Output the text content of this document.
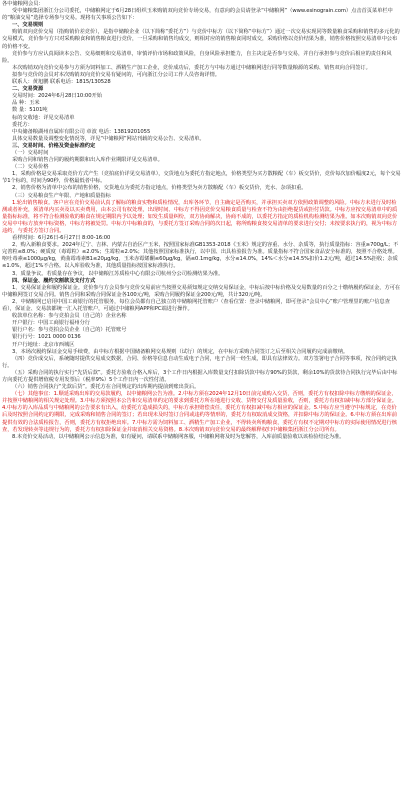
各中储粮网会员：

受中储粮集团浙江分公司委托，中储粮网定于6月28日组织玉米购销双向竞价专场交易，有意向的会员请登录“中储粮网”（www.esinograin.com）点击首页菜单栏中的“粮油交易”选择专场参与交易。现将有关事项公告如下：

一、交易规则

购销双向竞价交易（指购销价差竞价），是指中储粮企业（以下简称“委托方”）与竞价中标方（以下简称“中标方”）通过一次交易实现同等数量粮食采购和销售的多元化的交易模式，竞价参与方只对采购粮食和销售粮食进行竞价，一旦采购和销售均成交，则相对应的销售粮食同时成交，采购价格以竞价结果为准，销售价格按照交易清单中公布的价格不变。

竞价参与方应认真阅读本公告、交易细则和交易清单，审慎评价市场和政策风险，自身风险承担能力，自主决定是否参与交易，并自行承担参与竞价后相应的责任和风险。

本次购销双向竞价交易参与方须为饲料加工、酒精生产加工企业，竞价成功后，委托方与中标方通过中储粮网进行同等数量粮源的采购、销售双向合同签订。

拟参与竞价的会员对本次购销双向竞价交易有疑问的，可向浙江分公司工作人员咨询详情。

联系人：黄旭鹏 联系电话：1815/130528

二、交易资源

交易时间：2024年6月28日10:00开始

品 种：玉米

数 量：5101吨

标的交收地：详见交易清单

委托方：

中央储备粮湖州直属库有限公司 章波 电话：13819201055

具体交易数量及调整变化情况等，详见“中储粮网”网站刊载的交易公告、交易清单。

三、交易时间、价格及资金标准约定

（一）交易时间

采购合同和销售合同的履约期限和出入库作业期限详见交易清单。

（二）交易价格

1、采购价格是交易采取竞价方式产生（竞拍底价详见交易清单），交货地点为委托方指定地点，价格类型为买方散粮配（车）板交货价，竞价每次加价幅度2元，每个交易节1个标的，时间为90秒，价格最低者中标。

2、销售价格为清单中公布的销售价格，交货地点为委托方指定地点，价格类型为卖方散粮配（车）板交货价，光水、杂项扣重。

（三）交易粮食生产年限、产地和质量指标

1.轮出销售粮食。客户应在竞价交易前认真了解标的粮食实物和质检情况，出库各环节，自主确定是否购买，并承担买卖双方依照政策调整的风险。中标方未进行及时检测或者补充，须清单内买卖及以买卖费用，由本公司有权处理，出现时间、中标方不得因竞价交易粮食质量与检查不符为由拒绝提货或拒付货款。中标方应按交易清单中的质量指标标准，将不符合检测验收的粮食在规定期限内予以处理；如发生质量纠纷，双方协商解决，协商不成的，以委托方指定的质检机构检测结果为准。如本次购销双向竞价交易中中标方放弃中标资格，中标方将被处罚。中标方中标粮食的，与委托方签订采购合同的次日起，将所购粮食按交易清单的要求进行交付；未按要求执行的，视为中标方违约，与委托方签订合同。

看样时间：6月26日-6月27日 8:00-16:00

2、购入新粮食要求。2024年辽宁、吉林、内蒙古自治区产玉米，按照国家标准GB1353-2018《玉米》规定的容重、水分、杂质等，执行质量指标：容重≥700g/L；不完善粒≤8.0%；硬质度（毒霉粒）≤2.0%；生霉粒≤2.0%；其他按照国家标准执行，以中国、出具检验报告为准。质量指标不符合国家食品安全标准的，按照不合格处理。呕吐毒素≤1000μg/kg，黄曲霉毒素B1≤20μg/kg，玉米赤霉烯酮≤60μg/kg，镉≤0.1mg/kg，水分≤14.0%，14%＜水分≤14.5%扣价1.2元/吨，超过14.5%拒收；杂质≤1.0%，超过1%不合格。以入库验收为准，其他质量指标按国家标准执行。

3、质量争议。若质量存在争议，以中储粮江苏质检中心有限公司杭州分公司检测结果为准。

四、保证金、履约交割款及支付方式

1、交易保证金和履约保证金。竞价参与方会员参与竞价交易前应当按照交易须知规定交纳交易保证金，中标后按中标价格及交易数量的百分之十缴纳履约保证金，方可在中储粮网签订交易合同。销售合同和采购合同保证金各100元/吨，采购合同履约保证金200元/吨，共计320元/吨。

2、中储粮网已启用中国工商银行的托管服务，每位会员都有自己独立的中储粮网托管账户（查看位置：登录中储粮网，即可登录“会员中心”账户管理里的账户信息查看），保证金、交易款都统一汇入托管账户，可通过中储粮网APP和PC端进行操作。

收款单位名称：参与竞拍会员（自己的）企业名称

开户银行：中国工商银行福州分行

银行户名：参与竞拍会员企业（自己的）托管账号

银行行号：1021 0000 0136

开户行地址：北京市西城区

3、本场次履约保证金交易手续费，由中标方根据中国储备粮网交易规则（试行）的规定，在中标方采购合同签订之后至相关合同履约完成前缴纳。

（四）竞价成交后，系统随时提供交易成交数据，合同、价格等信息自动生成电子合同，电子合同一经生成，即具有法律效力。双方签署电子合同等事项，按合同约定执行。

（五）采购合同的执行实行“先货后款”。委托方验收合格入库后，3个工作日内根据入库数量支付扣除货款中标方90%的货款，剩余10%的货款待合同执行完毕后由中标方向委托方提供增值税专用发票后（税率9%）5个工作日内一次性付清。

（六）销售合同执行“先款后货”。委托方在合同规定的出库期内提前到账出货后。

（七）其他事宜：1.顺延采购出库的交易款履约，以中储粮网公告为准。2.中标方须在2024年12月10日前完成购入交货，否则，委托方有权扣除中标方缴纳的保证金，并按照中储粮网的相关规定处理。3.中标方须按照本公告和交易清单约定的要求到委托方所在地进行交收、货物交付及质量验收，否则，委托方有权扣减中标方部分保证金。4.中标方的入库品质与中储粮网的公告要求有出入，给委托方造成损失的，中标方承担赔偿责任，委托方有权扣减中标方相应的保证金。5.中标方应当遵守中标规定，在竞价后及时按照合同约定的期限，完成采购和销售合同的签订；若出现未及时签订合同或违约等情形的，委托方有权取消成交资格，并扣除中标方的保证金。6.中标方须在出库前提供有效的合法质检报告，否则，委托方有权拒绝出库。7.中标方需为饲料加工、酒精生产加工企业，不得转卖所购粮食，委托方有权不定期对中标方的实际使用情况进行核查，若发现转卖等违规行为的，委托方有权扣除保证金并取消相关交易资格。8.本次购销双向竞价交易的最终解释权归中储粮集团浙江分公司所有。

8.本竞价交易活动，以中储粮网公示信息为准，如有疑问，请联系中储粮网客服，中储粮网将及时为您解答，入库前质量验收以该检验结论为准。
